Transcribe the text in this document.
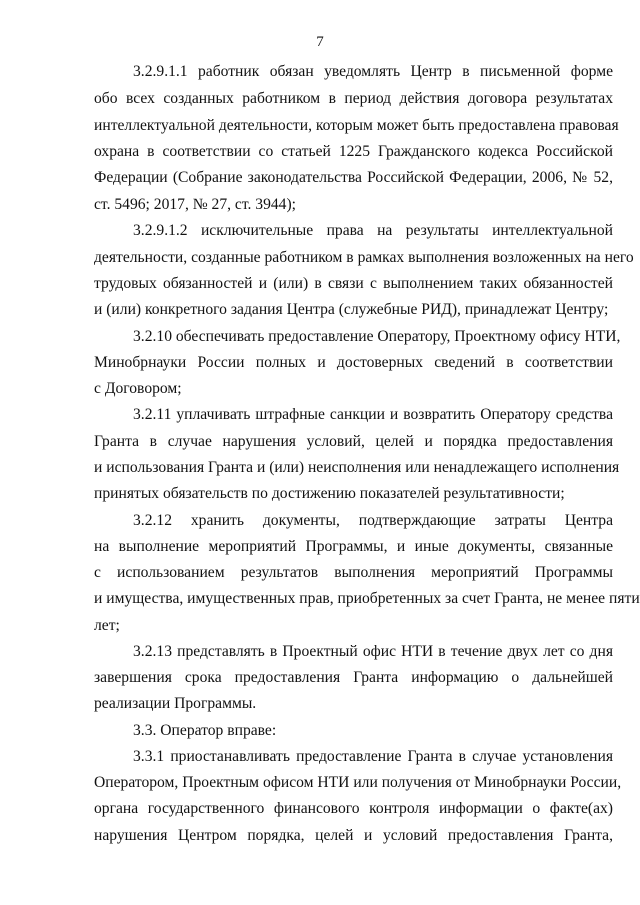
7
3.2.9.1.1 работник обязан уведомлять Центр в письменной форме
обо всех созданных работником в период действия договора результатах
интеллектуальной деятельности, которым может быть предоставлена правовая
охрана в соответствии со статьей 1225 Гражданского кодекса Российской
Федерации (Собрание законодательства Российской Федерации, 2006, № 52,
ст. 5496; 2017, № 27, ст. 3944);
3.2.9.1.2 исключительные права на результаты интеллектуальной
деятельности, созданные работником в рамках выполнения возложенных на него
трудовых обязанностей и (или) в связи с выполнением таких обязанностей
и (или) конкретного задания Центра (служебные РИД), принадлежат Центру;
3.2.10 обеспечивать предоставление Оператору, Проектному офису НТИ,
Минобрнауки России полных и достоверных сведений в соответствии
с Договором;
3.2.11 уплачивать штрафные санкции и возвратить Оператору средства
Гранта в случае нарушения условий, целей и порядка предоставления
и использования Гранта и (или) неисполнения или ненадлежащего исполнения
принятых обязательств по достижению показателей результативности;
3.2.12 хранить документы, подтверждающие затраты Центра
на выполнение мероприятий Программы, и иные документы, связанные
с использованием результатов выполнения мероприятий Программы
и имущества, имущественных прав, приобретенных за счет Гранта, не менее пяти
лет;
3.2.13 представлять в Проектный офис НТИ в течение двух лет со дня
завершения срока предоставления Гранта информацию о дальнейшей
реализации Программы.
3.3. Оператор вправе:
3.3.1 приостанавливать предоставление Гранта в случае установления
Оператором, Проектным офисом НТИ или получения от Минобрнауки России,
органа государственного финансового контроля информации о факте(ах)
нарушения Центром порядка, целей и условий предоставления Гранта,
